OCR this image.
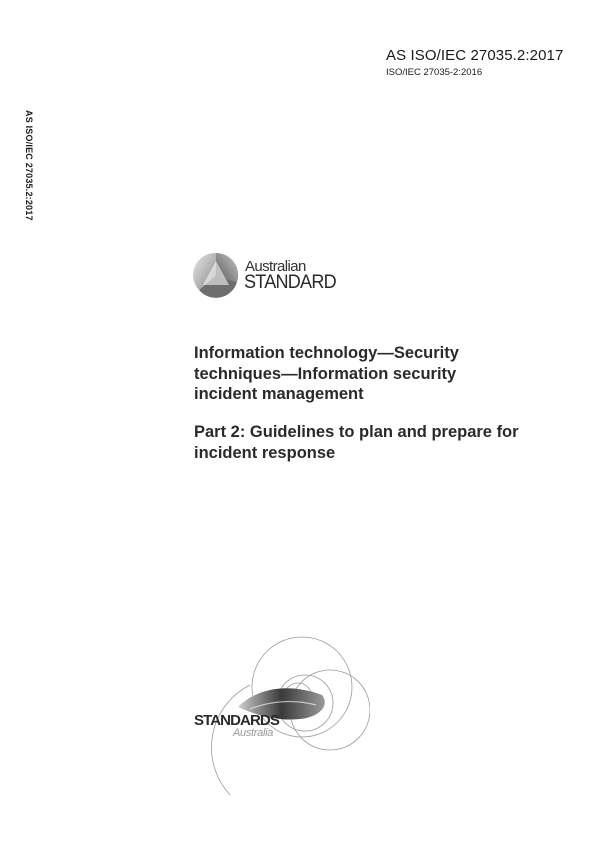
AS ISO/IEC 27035.2:2017
ISO/IEC 27035-2:2016
AS ISO/IEC 27035.2:2017
Australian
STANDARD
Information technology—Security techniques—Information security incident management
Part 2: Guidelines to plan and prepare for incident response
STANDARDS
Australia
